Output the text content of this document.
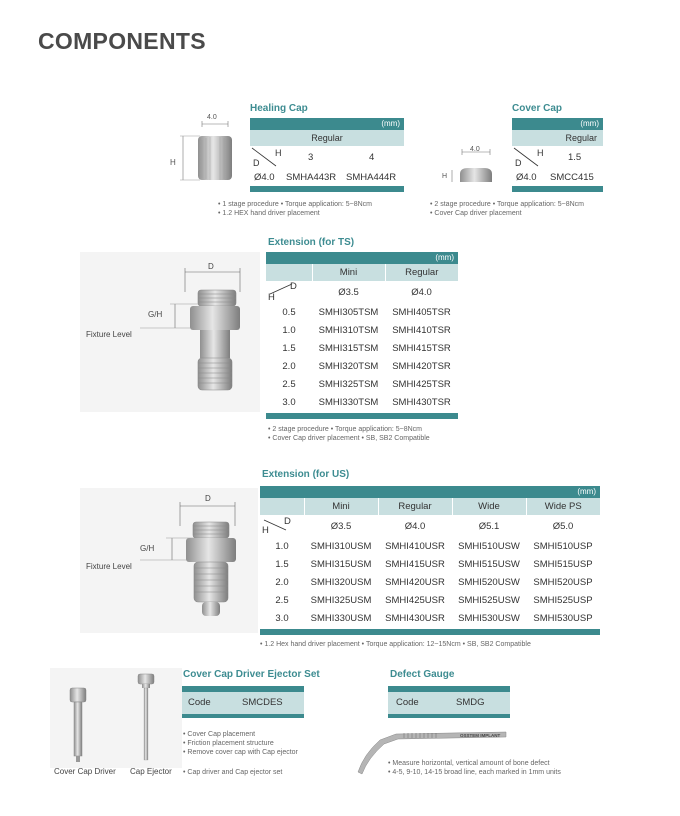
COMPONENTS
4.0
H
Healing Cap
(mm)
Regular
H
D	3	4
Ø4.0 SMHA443R SMHA444R
• 1 stage procedure • Torque application: 5~8Ncm
• 1.2 HEX hand driver placement
4.0
H
Cover Cap
(mm)
Regular
H
D	1.5
Ø4.0 SMCC415
• 2 stage procedure • Torque application: 5~8Ncm
• Cover Cap driver placement
D
G/H
Fixture Level
Extension (for TS)
(mm)
	Mini	Regular

D
H	Ø3.5	Ø4.0
0.5	SMHI305TSM	SMHI405TSR
1.0	SMHI310TSM	SMHI410TSR
1.5	SMHI315TSM	SMHI415TSR
2.0	SMHI320TSM	SMHI420TSR
2.5	SMHI325TSM	SMHI425TSR
3.0	SMHI330TSM	SMHI430TSR
• 2 stage procedure • Torque application: 5~8Ncm
• Cover Cap driver placement • SB, SB2 Compatible
D
G/H
Fixture Level
Extension (for US)
(mm)
	Mini	Regular	Wide	Wide PS

D
H	Ø3.5	Ø4.0	Ø5.1	Ø5.0
1.0	SMHI310USM	SMHI410USR	SMHI510USW	SMHI510USP
1.5	SMHI315USM	SMHI415USR	SMHI515USW	SMHI515USP
2.0	SMHI320USM	SMHI420USR	SMHI520USW	SMHI520USP
2.5	SMHI325USM	SMHI425USR	SMHI525USW	SMHI525USP
3.0	SMHI330USM	SMHI430USR	SMHI530USW	SMHI530USP
• 1.2 Hex hand driver placement • Torque application: 12~15Ncm • SB, SB2 Compatible
Cover Cap Driver Cap Ejector
Cover Cap Driver Ejector Set
Code	SMCDES
• Cover Cap placement
• Friction placement structure
• Remove cover cap with Cap ejector
• Cap driver and Cap ejector set
Defect Gauge
Code	SMDG
OSSTEM IMPLANT
• Measure horizontal, vertical amount of bone defect
• 4-5, 9-10, 14-15 broad line, each marked in 1mm units
